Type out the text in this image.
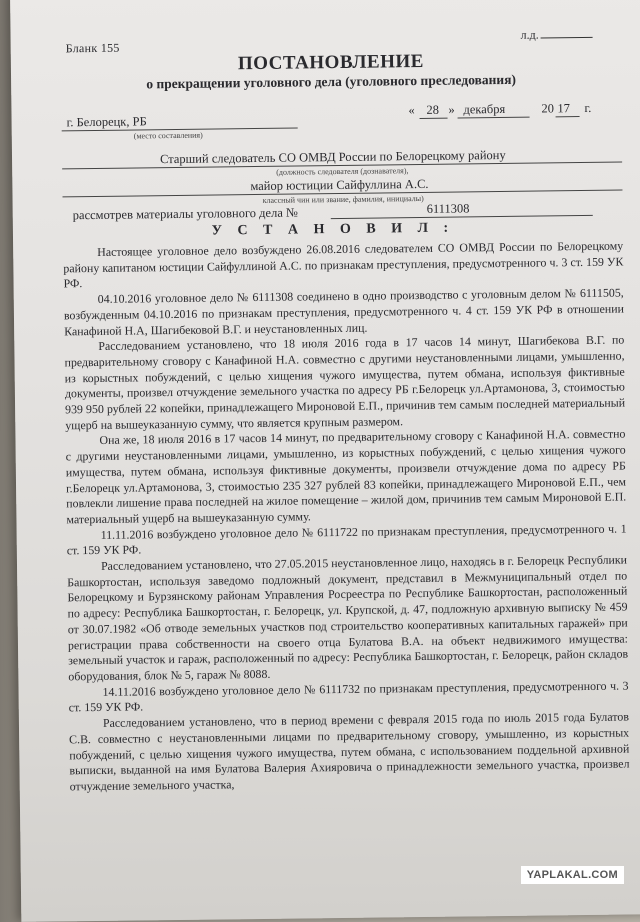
Бланк 155
л.д.
ПОСТАНОВЛЕНИЕ
о прекращении уголовного дела (уголовного преследования)
г. Белорецк, РБ
(место составления)
« 28 » декабря	20 17 г.
Старший следователь СО ОМВД России по Белорецкому району
(должность следователя (дознавателя),
майор юстиции Сайфуллина А.С.
классный чин или звание, фамилия, инициалы)
рассмотрев материалы уголовного дела №	6111308
У С Т А Н О В И Л :

Настоящее уголовное дело возбуждено 26.08.2016 следователем СО ОМВД России по Белорецкому району капитаном юстиции Сайфуллиной А.С. по признакам преступления, предусмотренного ч. 3 ст. 159 УК РФ.

04.10.2016 уголовное дело № 6111308 соединено в одно производство с уголовным делом № 6111505, возбужденным 04.10.2016 по признакам преступления, предусмотренного ч. 4 ст. 159 УК РФ в отношении Канафиной Н.А, Шагибековой В.Г. и неустановленных лиц.

Расследованием установлено, что 18 июля 2016 года в 17 часов 14 минут, Шагибекова В.Г. по предварительному сговору с Канафиной Н.А. совместно с другими неустановленными лицами, умышленно, из корыстных побуждений, с целью хищения чужого имущества, путем обмана, используя фиктивные документы, произвел отчуждение земельного участка по адресу РБ г.Белорецк ул.Артамонова, 3, стоимостью 939 950 рублей 22 копейки, принадлежащего Мироновой Е.П., причинив тем самым последней материальный ущерб на вышеуказанную сумму, что является крупным размером.

Она же, 18 июля 2016 в 17 часов 14 минут, по предварительному сговору с Канафиной Н.А. совместно с другими неустановленными лицами, умышленно, из корыстных побуждений, с целью хищения чужого имущества, путем обмана, используя фиктивные документы, произвели отчуждение дома по адресу РБ г.Белорецк ул.Артамонова, 3, стоимостью 235 327 рублей 83 копейки, принадлежащего Мироновой Е.П., чем повлекли лишение права последней на жилое помещение – жилой дом, причинив тем самым Мироновой Е.П. материальный ущерб на вышеуказанную сумму.

11.11.2016 возбуждено уголовное дело № 6111722 по признакам преступления, предусмотренного ч. 1 ст. 159 УК РФ.

Расследованием установлено, что 27.05.2015 неустановленное лицо, находясь в г. Белорецк Республики Башкортостан, используя заведомо подложный документ, представил в Межмуниципальный отдел по Белорецкому и Бурзянскому районам Управления Росреестра по Республике Башкортостан, расположенный по адресу: Республика Башкортостан, г. Белорецк, ул. Крупской, д. 47, подложную архивную выписку № 459 от 30.07.1982 «Об отводе земельных участков под строительство кооперативных капитальных гаражей» при регистрации права собственности на своего отца Булатова В.А. на объект недвижимого имущества: земельный участок и гараж, расположенный по адресу: Республика Башкортостан, г. Белорецк, район складов оборудования, блок № 5, гараж № 8088.

14.11.2016 возбуждено уголовное дело № 6111732 по признакам преступления, предусмотренного ч. 3 ст. 159 УК РФ.

Расследованием установлено, что в период времени с февраля 2015 года по июль 2015 года Булатов С.В. совместно с неустановленными лицами по предварительному сговору, умышленно, из корыстных побуждений, с целью хищения чужого имущества, путем обмана, с использованием поддельной архивной выписки, выданной на имя Булатова Валерия Ахияровича о принадлежности земельного участка, произвел отчуждение земельного участка,

YAPLAKAL.COM
